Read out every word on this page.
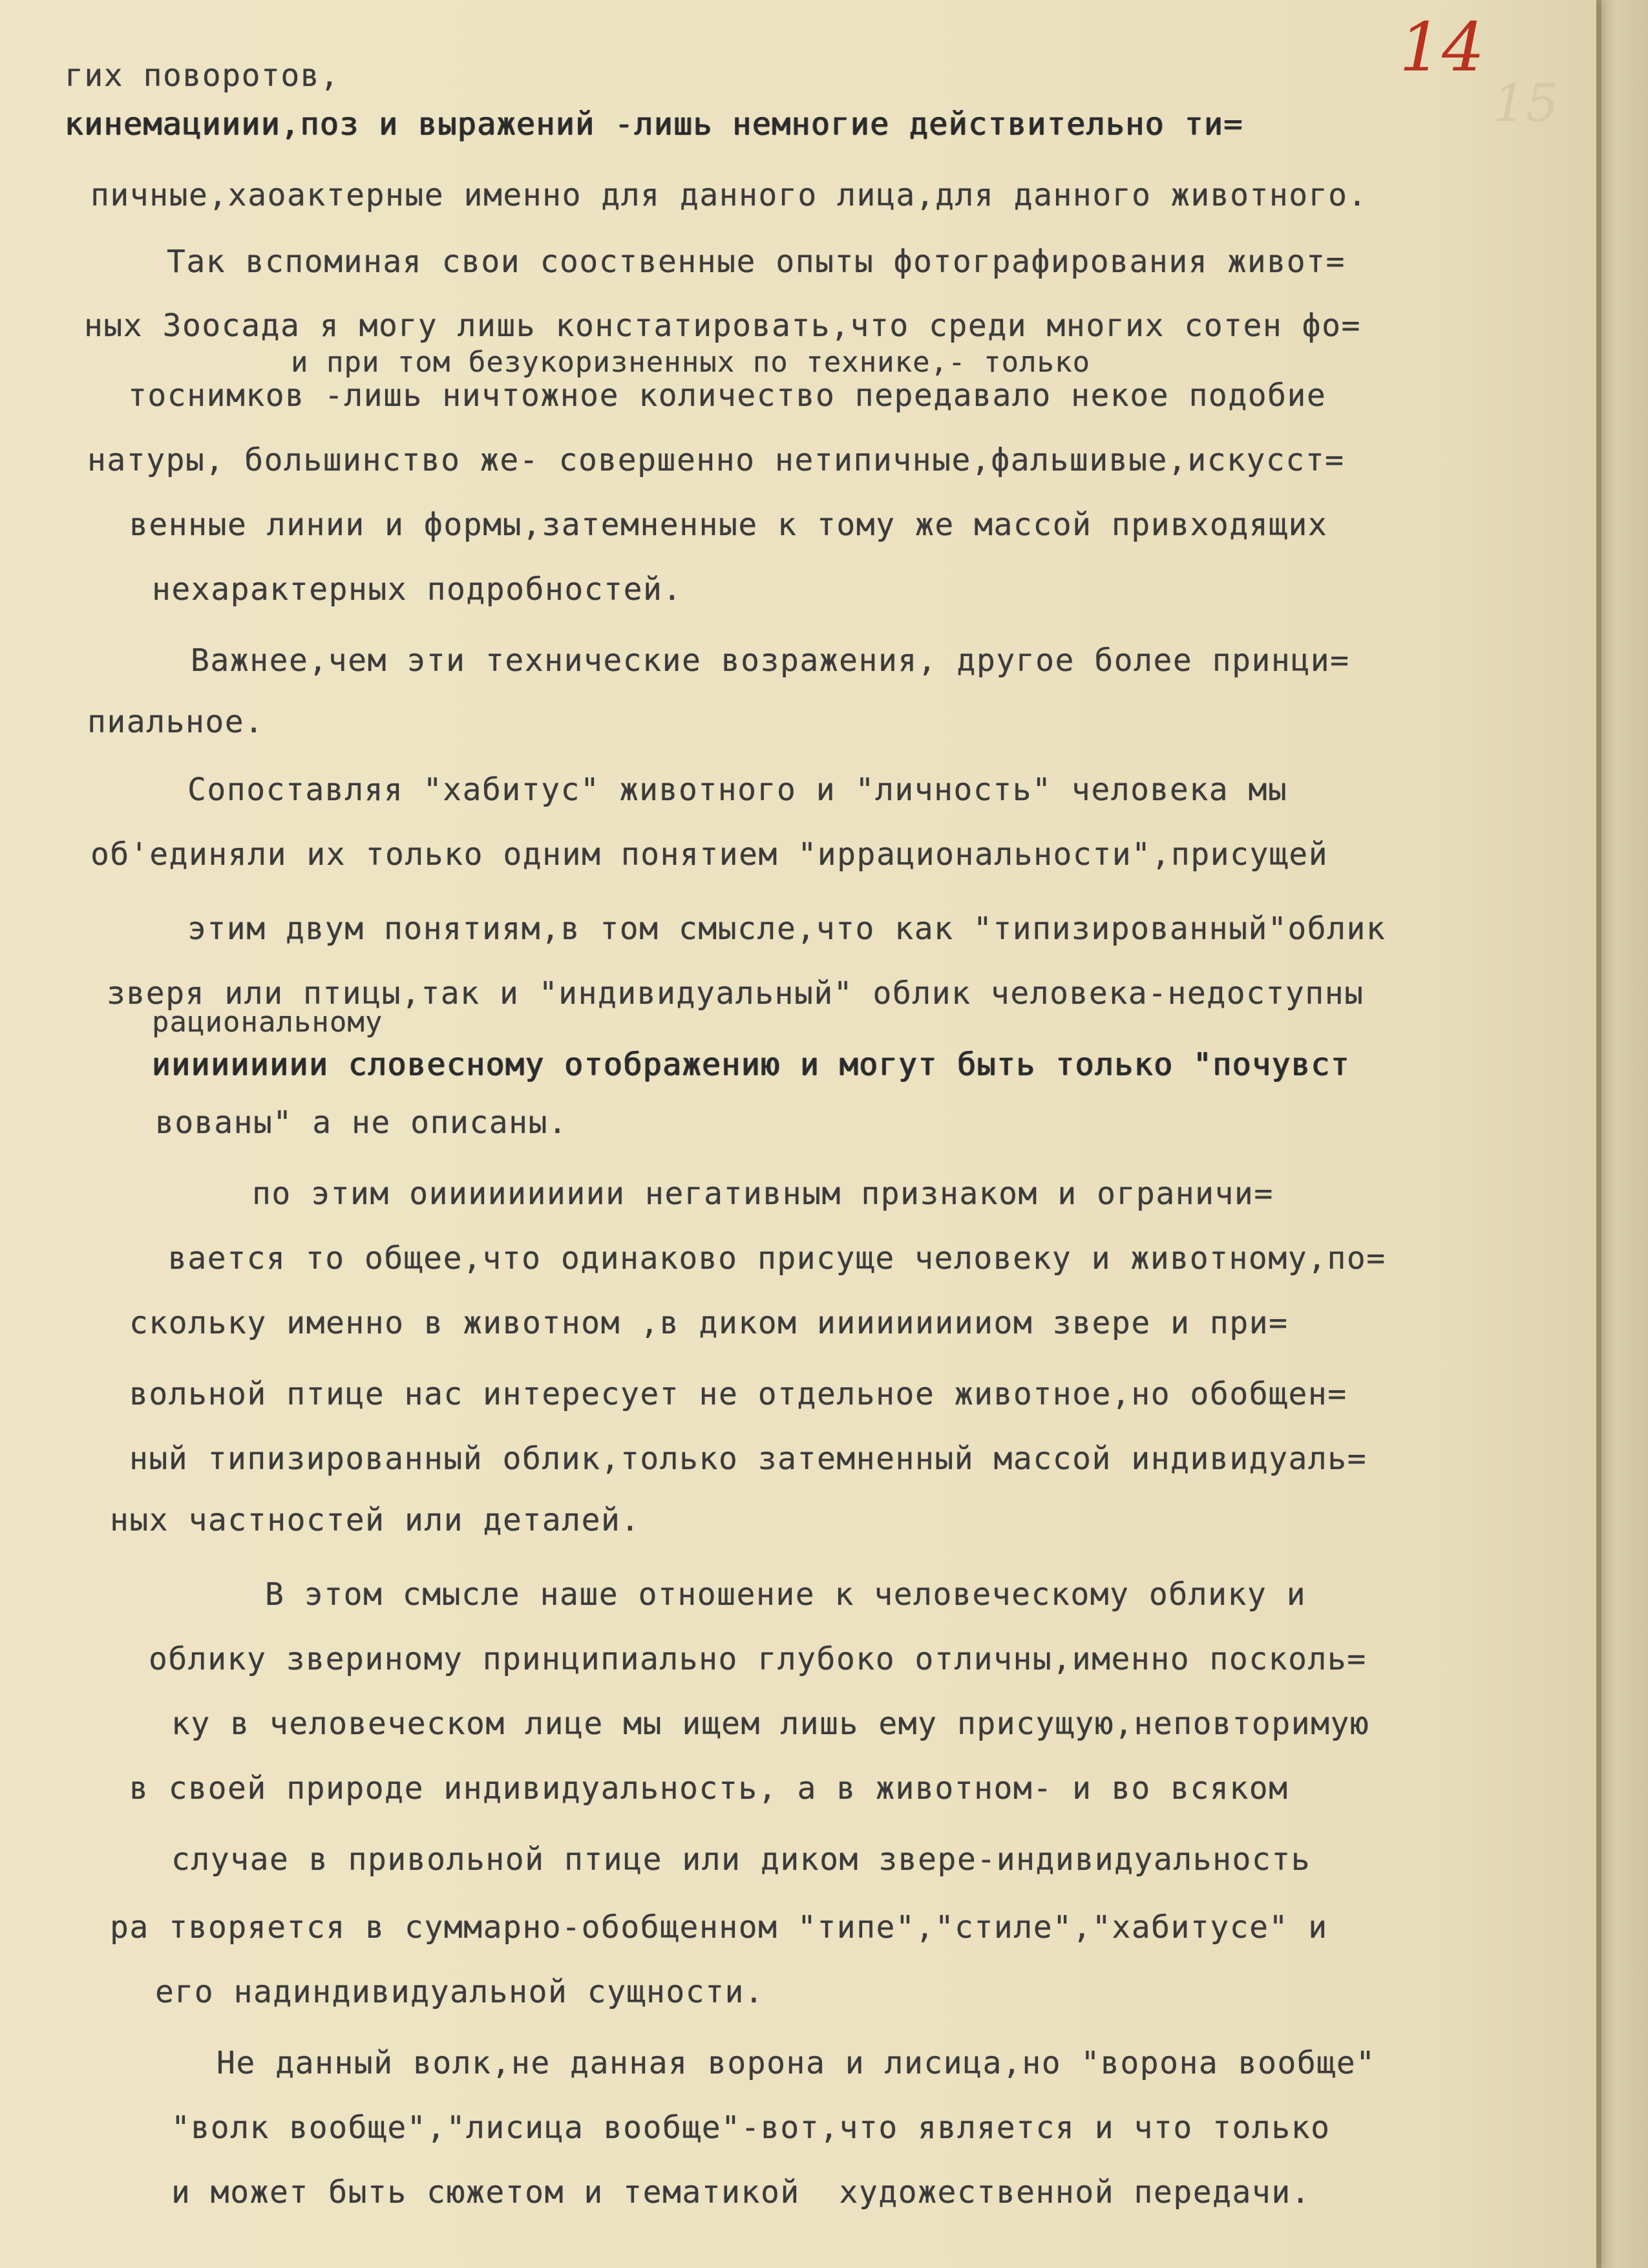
14
15
гих поворотов,
кинемацииии,поз и выражений -лишь немногие действительно ти=
пичные,хаоактерные именно для данного лица,для данного животного.
Так вспоминая свои сооственные опыты фотографирования живот=
ных Зоосада я могу лишь констатировать,что среди многих сотен фо=
и при том безукоризненных по технике,- только
тоснимков -лишь ничтожное количество передавало некое подобие
натуры, большинство же- совершенно нетипичные,фальшивые,искусст=
венные линии и формы,затемненные к тому же массой привходящих
нехарактерных подробностей.
Важнее,чем эти технические возражения, другое более принци=
пиальное.
Сопоставляя "хабитус" животного и "личность" человека мы
об'единяли их только одним понятием "иррациональности",присущей
этим двум понятиям,в том смысле,что как "типизированный"облик
зверя или птицы,так и "индивидуальный" облик человека-недоступны
рациональному
иииииииии словесному отображению и могут быть только "почувст
вованы" а не описаны.
по этим оииииииииии негативным признаком и ограничи=
вается то общее,что одинаково присуще человеку и животному,по=
скольку именно в животном ,в диком иииииииииом звере и при=
вольной птице нас интересует не отдельное животное,но обобщен=
ный типизированный облик,только затемненный массой индивидуаль=
ных частностей или деталей.
В этом смысле наше отношение к человеческому облику и
облику звериному принципиально глубоко отличны,именно посколь=
ку в человеческом лице мы ищем лишь ему присущую,неповторимую
в своей природе индивидуальность, а в животном- и во всяком
случае в привольной птице или диком звере-индивидуальность
ра творяется в суммарно-обобщенном "типе","стиле","хабитусе" и
его надиндивидуальной сущности.
Не данный волк,не данная ворона и лисица,но "ворона вообще"
"волк вообще","лисица вообще"-вот,что является и что только
и может быть сюжетом и тематикой  художественной передачи.
